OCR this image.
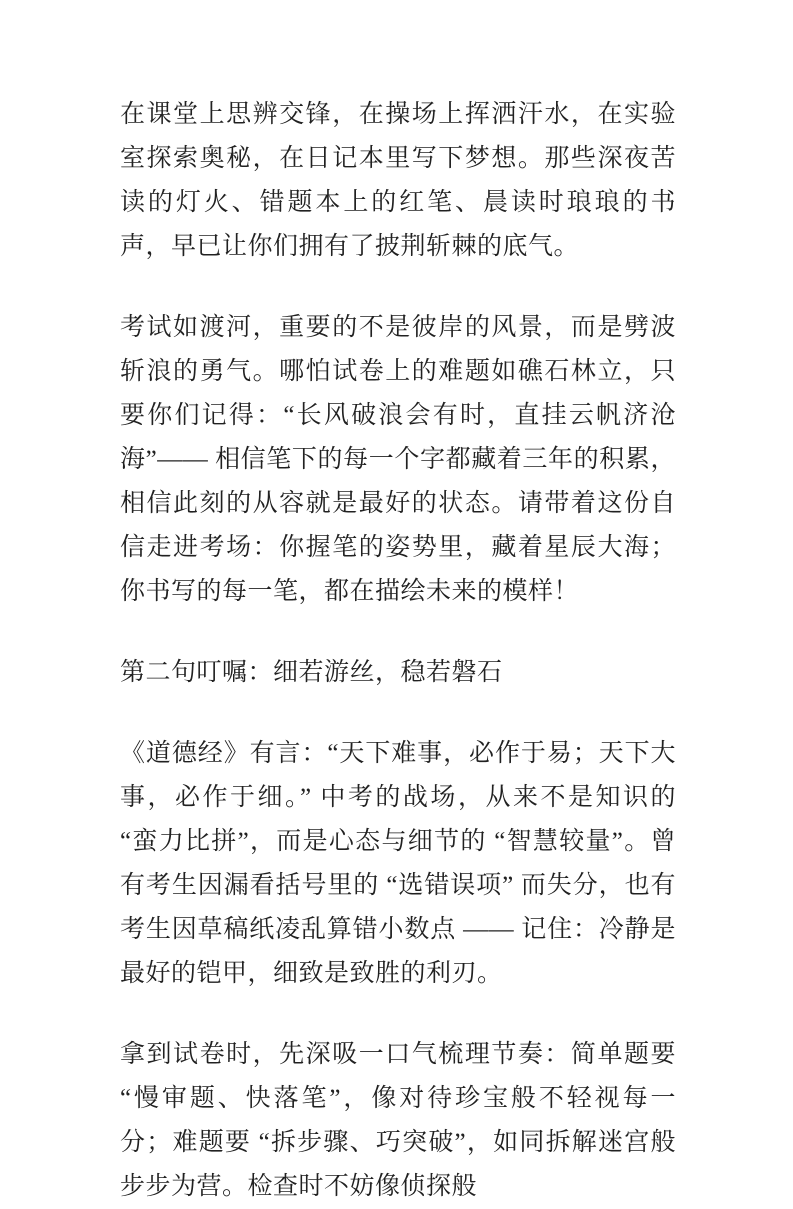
在课堂上思辨交锋，在操场上挥洒汗水，在实验室探索奥秘，在日记本里写下梦想。那些深夜苦读的灯火、错题本上的红笔、晨读时琅琅的书声，早已让你们拥有了披荆斩棘的底气。

考试如渡河，重要的不是彼岸的风景，而是劈波斩浪的勇气。哪怕试卷上的难题如礁石林立，只要你们记得：“长风破浪会有时，直挂云帆济沧海”—— 相信笔下的每一个字都藏着三年的积累，相信此刻的从容就是最好的状态。请带着这份自信走进考场：你握笔的姿势里，藏着星辰大海；你书写的每一笔，都在描绘未来的模样！

第二句叮嘱：细若游丝，稳若磐石

《道德经》有言：“天下难事，必作于易；天下大事，必作于细。” 中考的战场，从来不是知识的 “蛮力比拼”，而是心态与细节的 “智慧较量”。曾有考生因漏看括号里的 “选错误项” 而失分，也有考生因草稿纸凌乱算错小数点 —— 记住：冷静是最好的铠甲，细致是致胜的利刃。

拿到试卷时，先深吸一口气梳理节奏：简单题要 “慢审题、快落笔”，像对待珍宝般不轻视每一分；难题要 “拆步骤、巧突破”，如同拆解迷宫般步步为营。检查时不妨像侦探般
